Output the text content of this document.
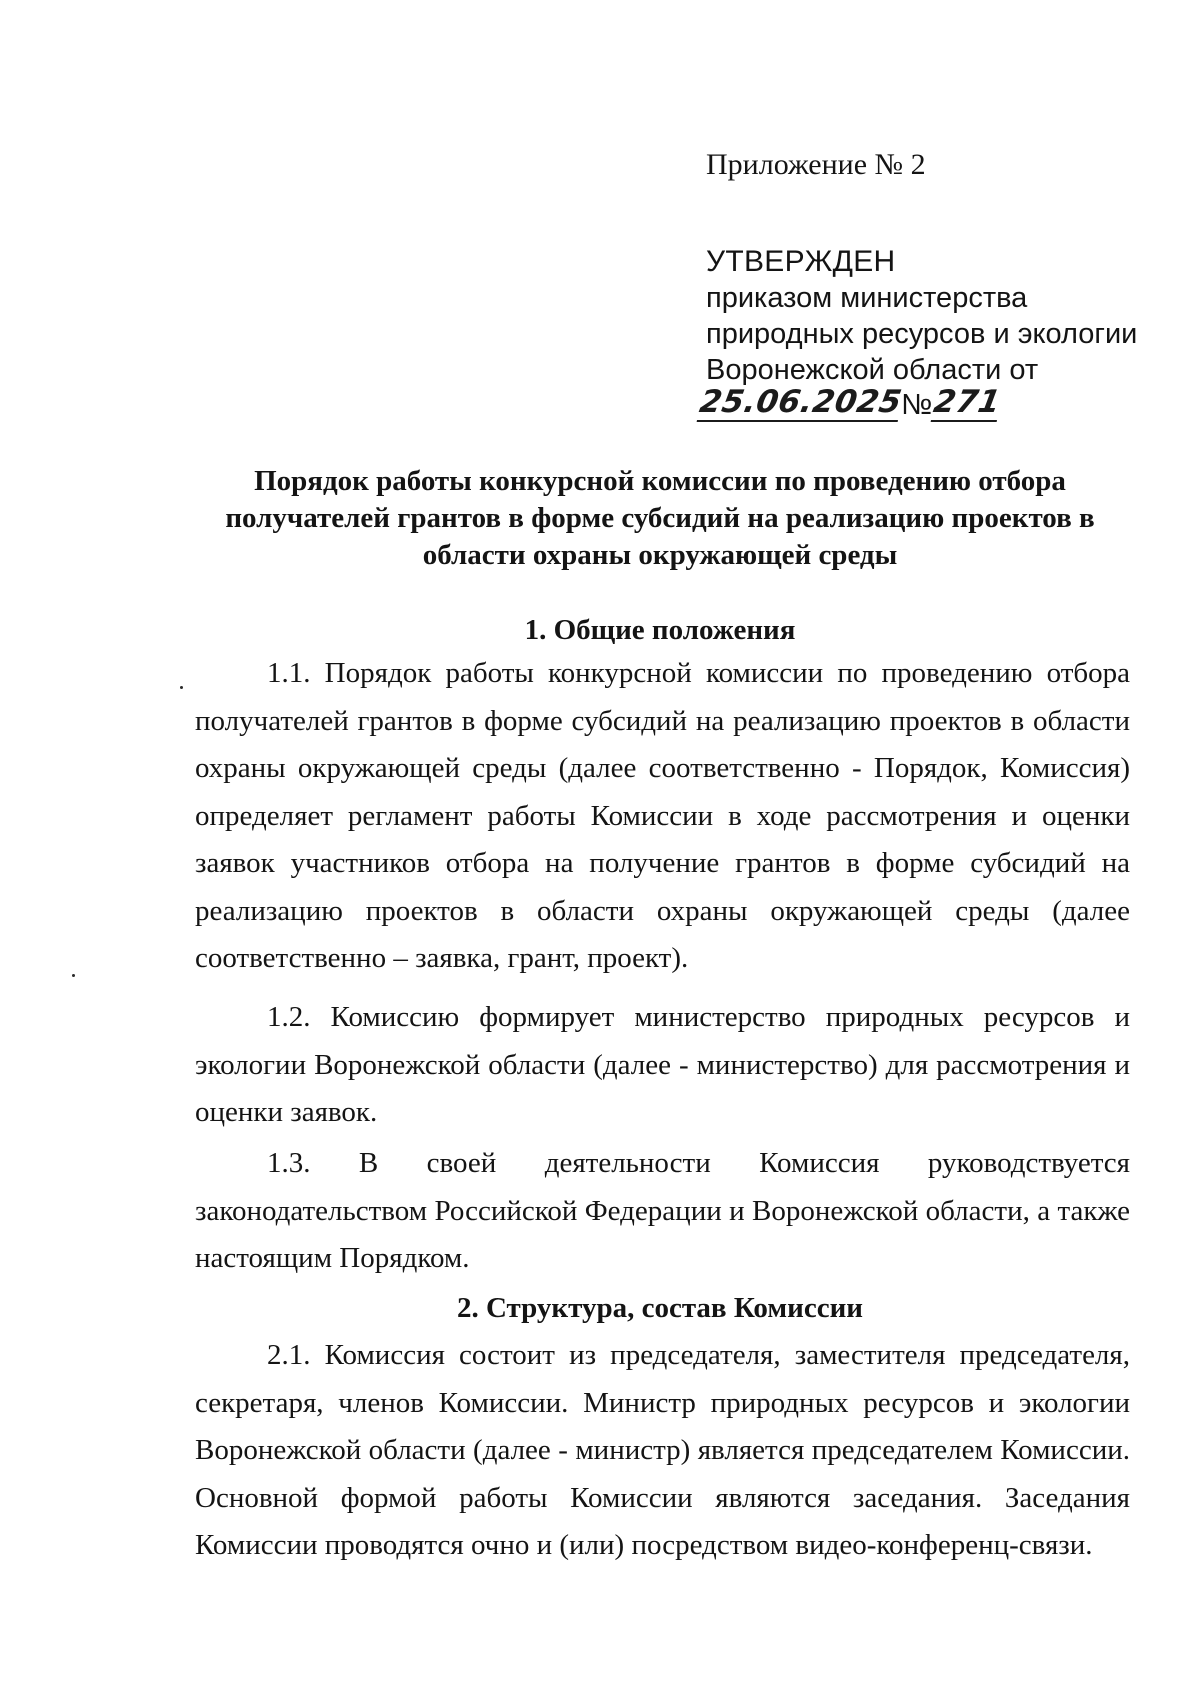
Приложение № 2
УТВЕРЖДЕН
приказом министерства
природных ресурсов и экологии
Воронежской области от
25.06.2025
№ 271
Порядок работы конкурсной комиссии по проведению отбора получателей грантов в форме субсидий на реализацию проектов в области охраны окружающей среды
1. Общие положения

1.1. Порядок работы конкурсной комиссии по проведению отбора получателей грантов в форме субсидий на реализацию проектов в области охраны окружающей среды (далее соответственно - Порядок, Комиссия) определяет регламент работы Комиссии в ходе рассмотрения и оценки заявок участников отбора на получение грантов в форме субсидий на реализацию проектов в области охраны окружающей среды (далее соответственно – заявка, грант, проект).

1.2. Комиссию формирует министерство природных ресурсов и экологии Воронежской области (далее - министерство) для рассмотрения и оценки заявок.

1.3. В своей деятельности Комиссия руководствуется законодательством Российской Федерации и Воронежской области, а также настоящим Порядком.

2. Структура, состав Комиссии

2.1. Комиссия состоит из председателя, заместителя председателя, секретаря, членов Комиссии. Министр природных ресурсов и экологии Воронежской области (далее - министр) является председателем Комиссии. Основной формой работы Комиссии являются заседания. Заседания Комиссии проводятся очно и (или) посредством видео-конференц-связи.
